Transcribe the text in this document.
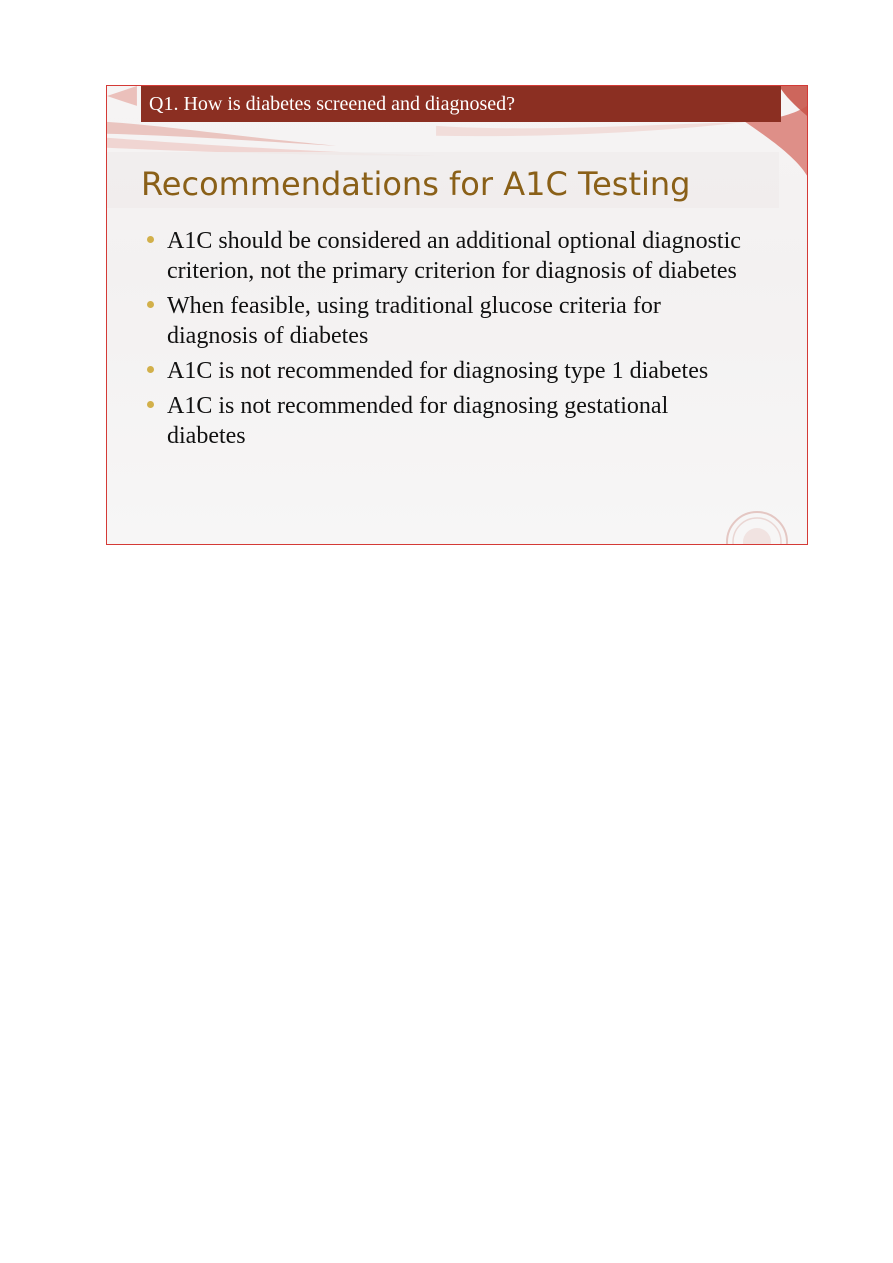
Q1. How is diabetes screened and diagnosed?
Recommendations for A1C Testing
A1C should be considered an additional optional diagnostic criterion, not the primary criterion for diagnosis of diabetes
When feasible, using traditional glucose criteria for diagnosis of diabetes
A1C is not recommended for diagnosing type 1 diabetes
A1C is not recommended for diagnosing gestational diabetes
